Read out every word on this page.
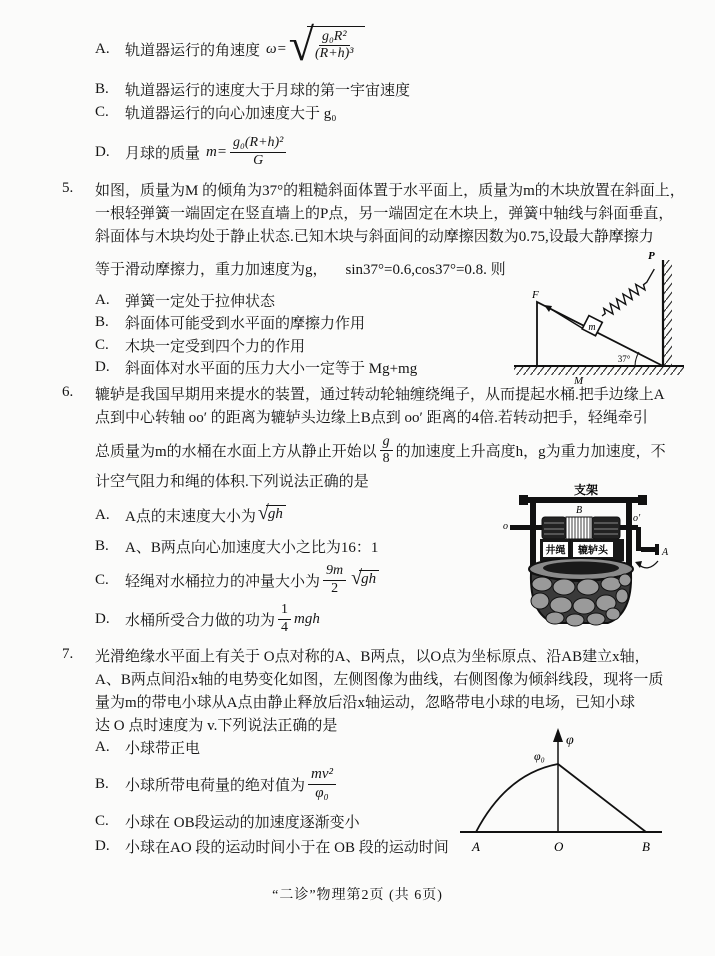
A.	轨道器运行的角速度 ω= √
$\frac{\text{g₀R²}}{\text{(R+h)³}}$
B.	轨道器运行的速度大于月球的第一宇宙速度
C.	轨道器运行的向心加速度大于 g₀
D.	月球的质量 $m= \frac{\text{g₀(R+h)²}}{G}$
5.	如图，质量为M 的倾角为37°的粗糙斜面体置于水平面上，质量为m的木块放置在斜面上，
一根轻弹簧一端固定在竖直墙上的P点，另一端固定在木块上，弹簧中轴线与斜面垂直，
斜面体与木块均处于静止状态.已知木块与斜面间的动摩擦因数为0.75,设最大静摩擦力
等于滑动摩擦力，重力加速度为g， sin37°=0.6,cos37°=0.8. 则
A.	弹簧一定处于拉伸状态
B.	斜面体可能受到水平面的摩擦力作用
C.	木块一定受到四个力的作用
D.	斜面体对水平面的压力大小一定等于 Mg+mg
37°
m
P
F
M
6.	辘轳是我国早期用来提水的装置，通过转动轮轴缠绕绳子，从而提起水桶.把手边缘上A
点到中心转轴 oo′ 的距离为辘轳头边缘上B点到 oo′ 距离的4倍.若转动把手，轻绳牵引
总质量为m的水桶在水面上方从静止开始以 $\frac{g}{8}$ 的加速度上升高度h，g为重力加速度，不
计空气阻力和绳的体积.下列说法正确的是
A.	A点的末速度大小为 √ gh
B.	A、B两点向心加速度大小之比为16：1
C.	轻绳对水桶拉力的冲量大小为 $\frac{9m}{2}$ √ gh
D.	水桶所受合力做的功为 $\frac{1}{4}$ mgh
支架
o
o′
A
B
井绳 辘轳头
7.	光滑绝缘水平面上有关于 O点对称的A、B两点，以O点为坐标原点、沿AB建立x轴，
A、B两点间沿x轴的电势变化如图，左侧图像为曲线，右侧图像为倾斜线段，现将一质
量为m的带电小球从A点由静止释放后沿x轴运动，忽略带电小球的电场，已知小球
达 O 点时速度为 v.下列说法正确的是
A.	小球带正电
B.	小球所带电荷量的绝对值为 $\frac{\text{mv²}}{\text{φ₀}}$
C.	小球在 OB段运动的加速度逐渐变小
D.	小球在AO 段的运动时间小于在 OB 段的运动时间
φ
φ₀
A	O	B
“二诊”物理第2页 (共 6页)
